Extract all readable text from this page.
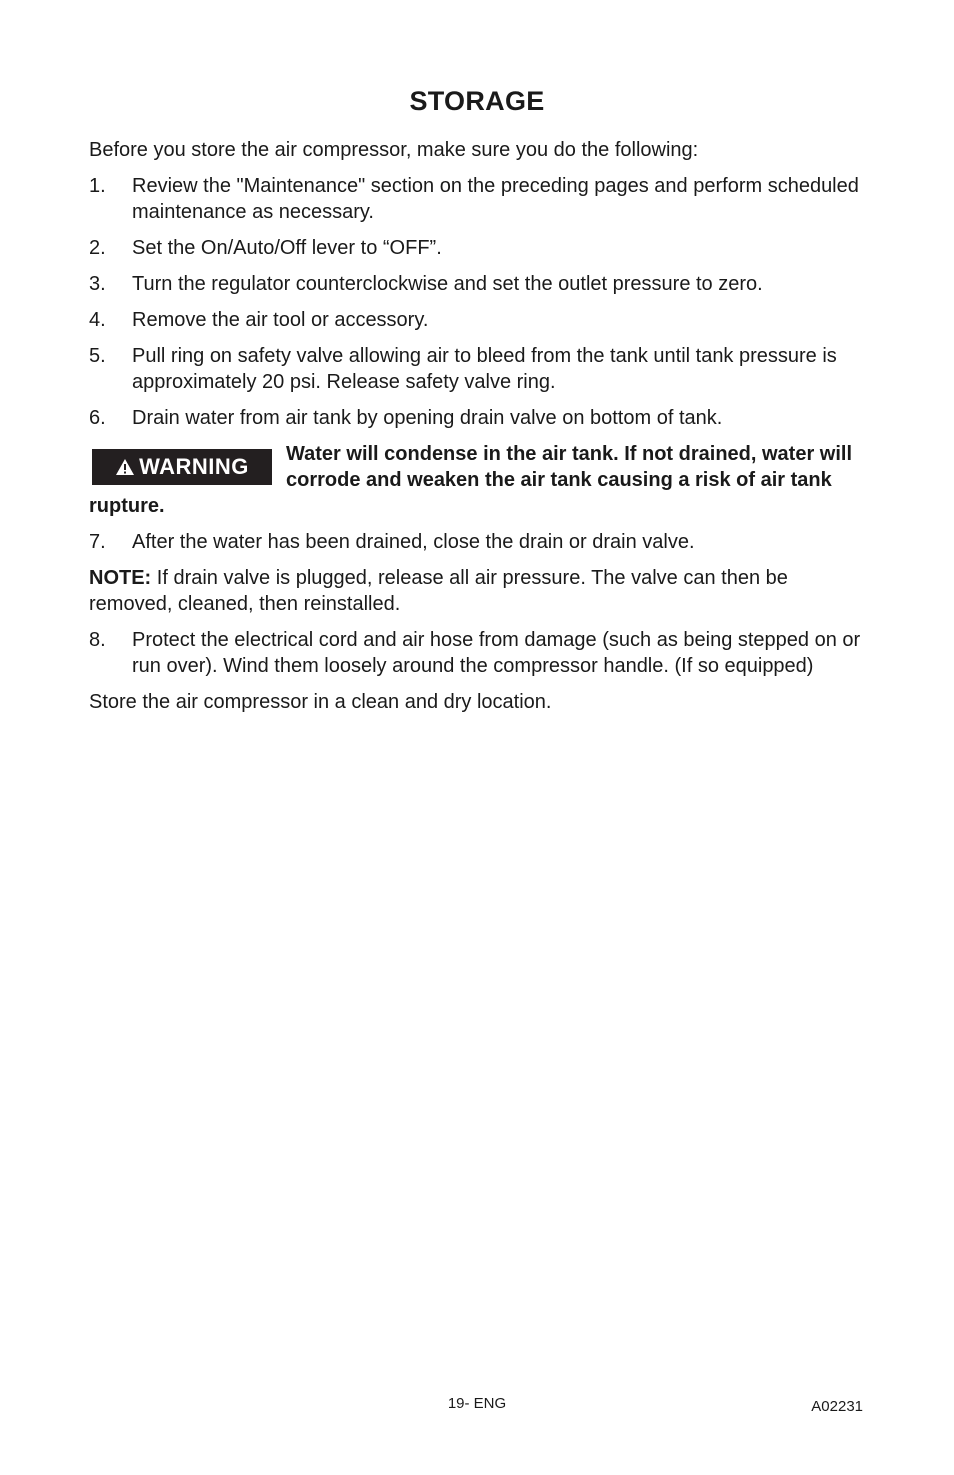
STORAGE

Before you store the air compressor, make sure you do the following:

1. Review the "Maintenance" section on the preceding pages and perform scheduled maintenance as necessary.
2. Set the On/Auto/Off lever to “OFF”.
3. Turn the regulator counterclockwise and set the outlet pressure to zero.
4. Remove the air tool or accessory.
5. Pull ring on safety valve allowing air to bleed from the tank until tank pressure is approximately 20 psi. Release safety valve ring.
6. Drain water from air tank by opening drain valve on bottom of tank.
WARNING Water will condense in the air tank. If not drained, water will corrode and weaken the air tank causing a risk of air tank rupture.
7. After the water has been drained, close the drain or drain valve.

NOTE: If drain valve is plugged, release all air pressure. The valve can then be removed, cleaned, then reinstalled.

8. Protect the electrical cord and air hose from damage (such as being stepped on or run over). Wind them loosely around the compressor handle. (If so equipped)

Store the air compressor in a clean and dry location.

19- ENG	A02231
